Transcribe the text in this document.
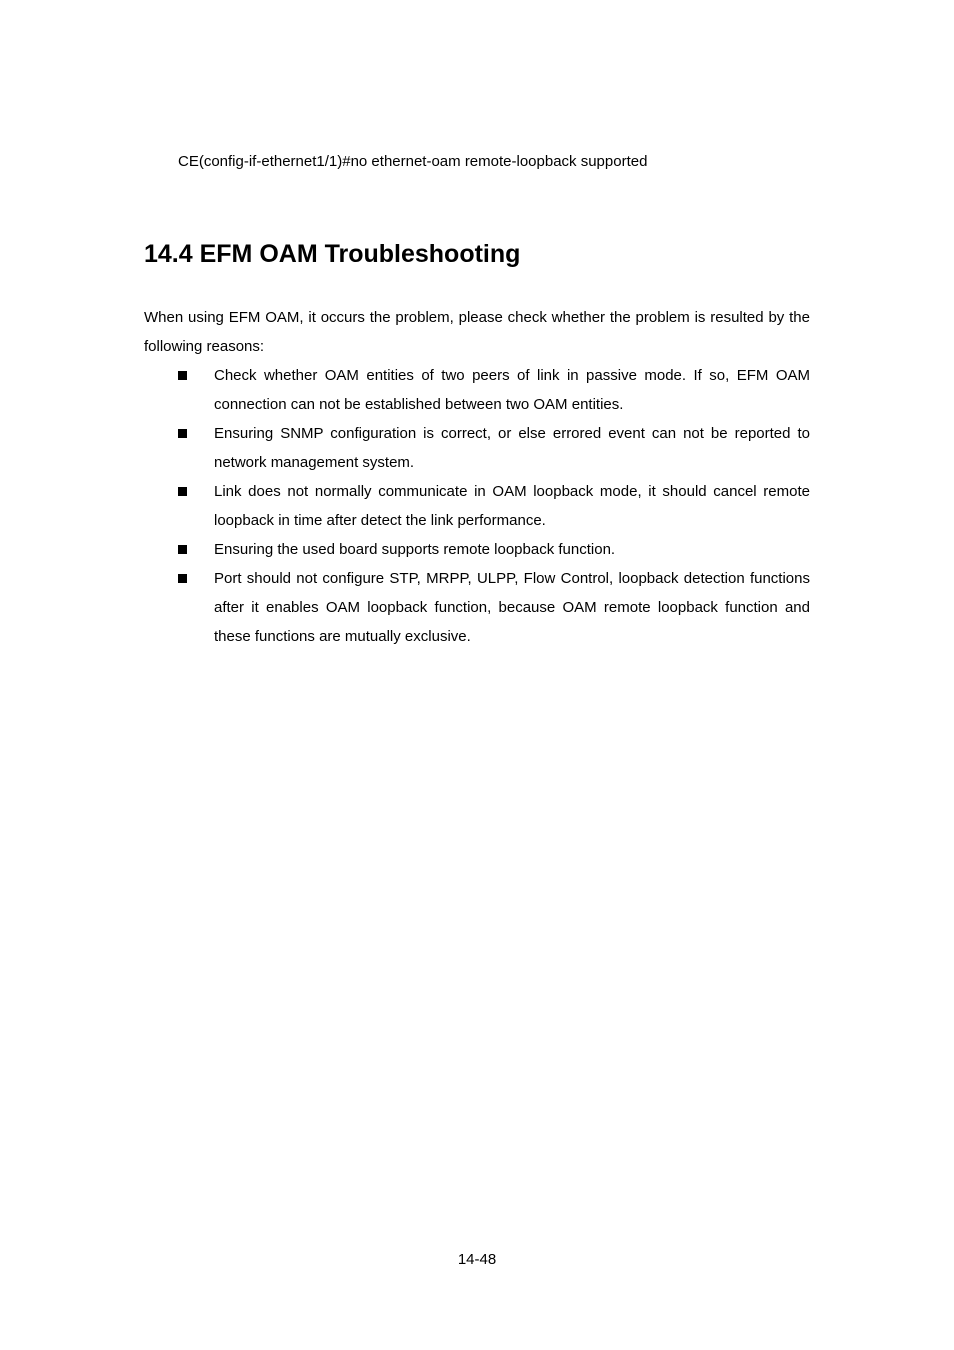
CE(config-if-ethernet1/1)#no ethernet-oam remote-loopback supported
14.4 EFM OAM Troubleshooting

When using EFM OAM, it occurs the problem, please check whether the problem is resulted by the following reasons:

Check whether OAM entities of two peers of link in passive mode. If so, EFM OAM connection can not be established between two OAM entities.
Ensuring SNMP configuration is correct, or else errored event can not be reported to network management system.
Link does not normally communicate in OAM loopback mode, it should cancel remote loopback in time after detect the link performance.
Ensuring the used board supports remote loopback function.
Port should not configure STP, MRPP, ULPP, Flow Control, loopback detection functions after it enables OAM loopback function, because OAM remote loopback function and these functions are mutually exclusive.
14-48
